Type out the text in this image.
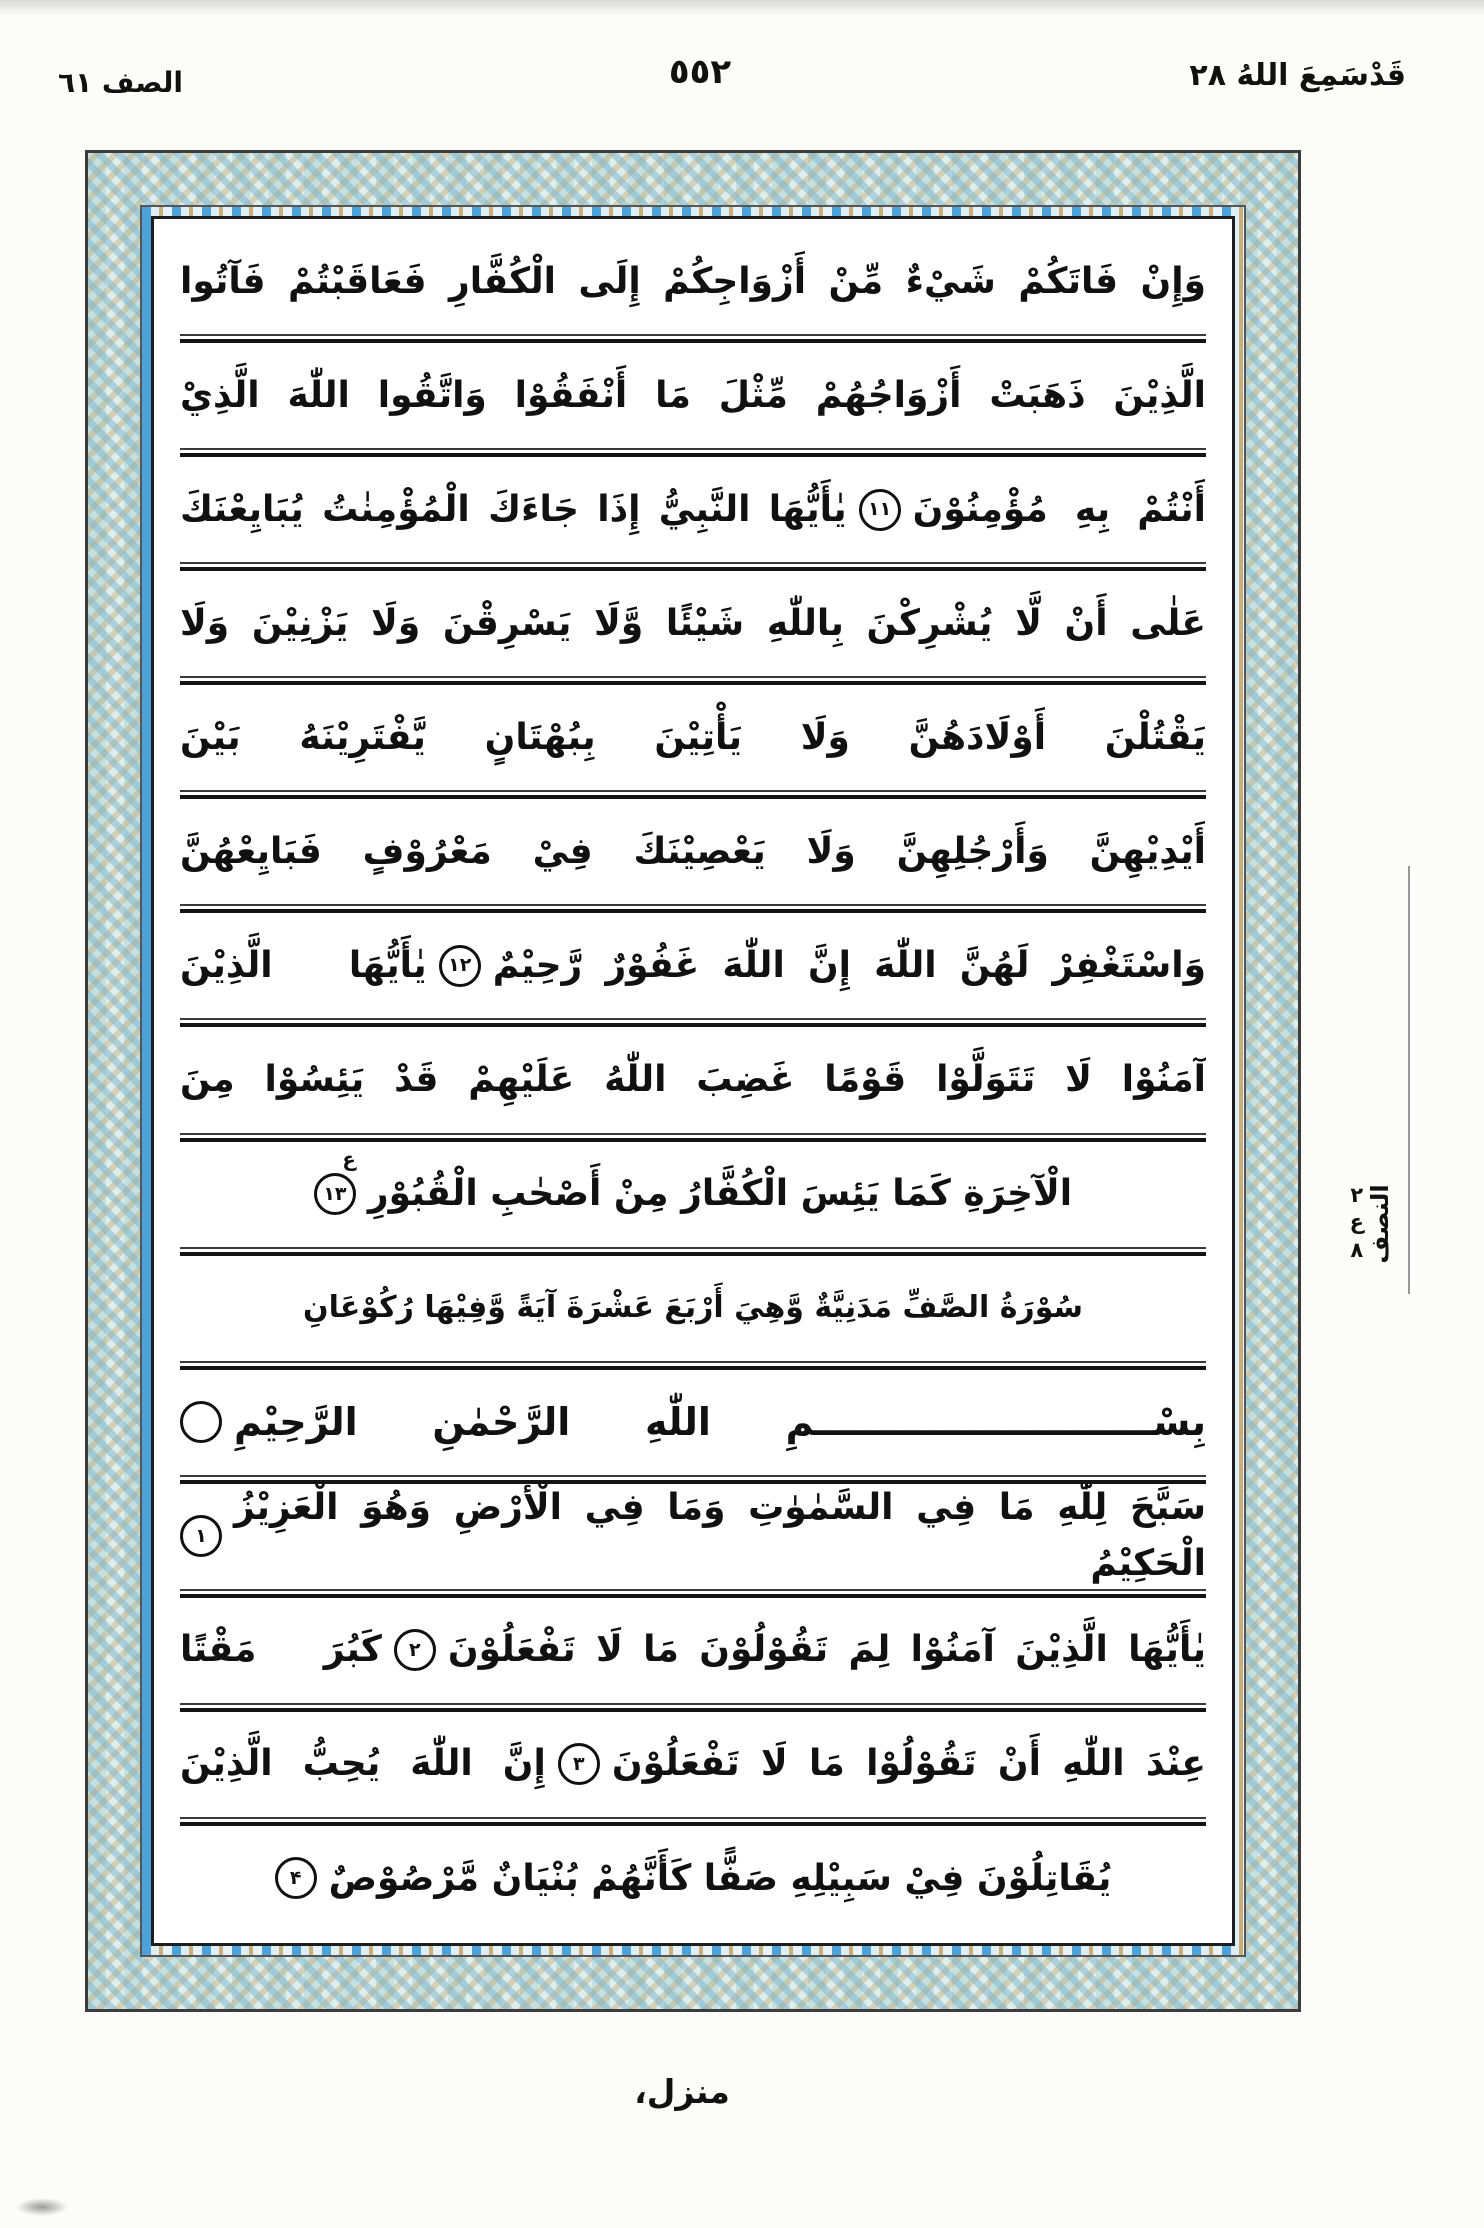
الصف ٦١	٥٥٢	قَدْسَمِعَ اللهُ ٢٨
وَإِنْ فَاتَكُمْ شَيْءٌ مِّنْ أَزْوَاجِكُمْ إِلَى الْكُفَّارِ فَعَاقَبْتُمْ فَآتُوا
الَّذِيْنَ ذَهَبَتْ أَزْوَاجُهُمْ مِّثْلَ مَا أَنْفَقُوْا وَاتَّقُوا اللّٰهَ الَّذِيْ
أَنْتُمْ بِهِ مُؤْمِنُوْنَ
۱۱
يٰأَيُّهَا النَّبِيُّ إِذَا جَاءَكَ الْمُؤْمِنٰتُ يُبَايِعْنَكَ
عَلٰى أَنْ لَّا يُشْرِكْنَ بِاللّٰهِ شَيْئًا وَّلَا يَسْرِقْنَ وَلَا يَزْنِيْنَ وَلَا
يَقْتُلْنَ أَوْلَادَهُنَّ وَلَا يَأْتِيْنَ بِبُهْتَانٍ يَّفْتَرِيْنَهُ بَيْنَ
أَيْدِيْهِنَّ وَأَرْجُلِهِنَّ وَلَا يَعْصِيْنَكَ فِيْ مَعْرُوْفٍ فَبَايِعْهُنَّ
وَاسْتَغْفِرْ لَهُنَّ اللّٰهَ إِنَّ اللّٰهَ غَفُوْرٌ رَّحِيْمٌ
۱۲
يٰأَيُّهَا الَّذِيْنَ
آمَنُوْا لَا تَتَوَلَّوْا قَوْمًا غَضِبَ اللّٰهُ عَلَيْهِمْ قَدْ يَئِسُوْا مِنَ
الْآخِرَةِ كَمَا يَئِسَ الْكُفَّارُ مِنْ أَصْحٰبِ الْقُبُوْرِ
ع
۱۳
سُوْرَةُ الصَّفِّ مَدَنِيَّةٌ وَّهِيَ أَرْبَعَ عَشْرَةَ آيَةً وَّفِيْهَا رُكُوْعَانِ
بِسْــــــــــــــــــــــــــمِ اللّٰهِ الرَّحْمٰنِ الرَّحِيْمِ
سَبَّحَ لِلّٰهِ مَا فِي السَّمٰوٰتِ وَمَا فِي الْأَرْضِ وَهُوَ الْعَزِيْزُ الْحَكِيْمُ
۱
يٰأَيُّهَا الَّذِيْنَ آمَنُوْا لِمَ تَقُوْلُوْنَ مَا لَا تَفْعَلُوْنَ
۲
كَبُرَ مَقْتًا
عِنْدَ اللّٰهِ أَنْ تَقُوْلُوْا مَا لَا تَفْعَلُوْنَ
۳
إِنَّ اللّٰهَ يُحِبُّ الَّذِيْنَ
يُقَاتِلُوْنَ فِيْ سَبِيْلِهِ صَفًّا كَأَنَّهُمْ بُنْيَانٌ مَّرْصُوْصٌ
۴
النصف
٢
ع
٨
منزل،
